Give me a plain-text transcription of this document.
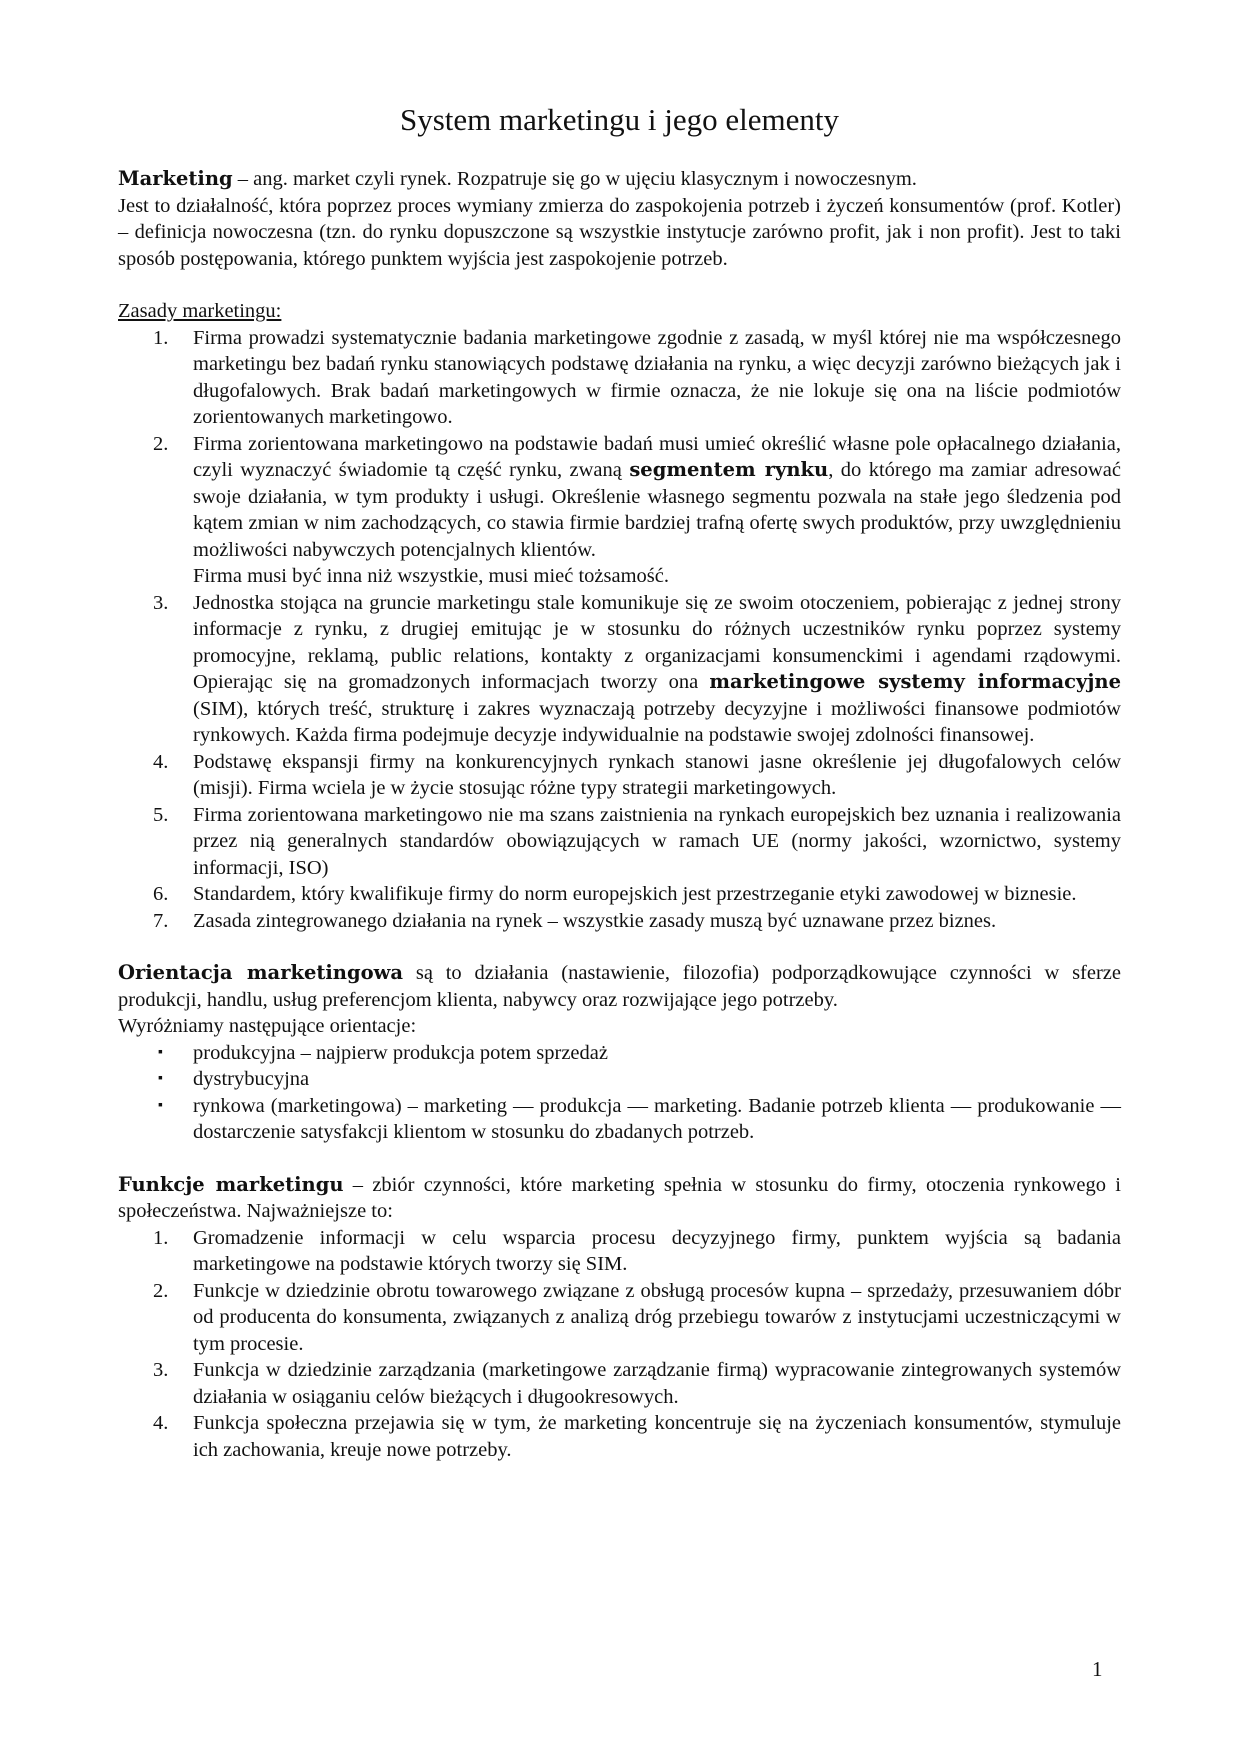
System marketingu i jego elementy

Marketing – ang. market czyli rynek. Rozpatruje się go w ujęciu klasycznym i nowoczesnym.

Jest to działalność, która poprzez proces wymiany zmierza do zaspokojenia potrzeb i życzeń konsumentów (prof. Kotler) – definicja nowoczesna (tzn. do rynku dopuszczone są wszystkie instytucje zarówno profit, jak i non profit). Jest to taki sposób postępowania, którego punktem wyjścia jest zaspokojenie potrzeb.

Zasady marketingu:

1.	Firma prowadzi systematycznie badania marketingowe zgodnie z zasadą, w myśl której nie ma współczesnego marketingu bez badań rynku stanowiących podstawę działania na rynku, a więc decyzji zarówno bieżących jak i długofalowych. Brak badań marketingowych w firmie oznacza, że nie lokuje się ona na liście podmiotów zorientowanych marketingowo.
2.	Firma zorientowana marketingowo na podstawie badań musi umieć określić własne pole opłacalnego działania, czyli wyznaczyć świadomie tą część rynku, zwaną segmentem rynku, do którego ma zamiar adresować swoje działania, w tym produkty i usługi. Określenie własnego segmentu pozwala na stałe jego śledzenia pod kątem zmian w nim zachodzących, co stawia firmie bardziej trafną ofertę swych produktów, przy uwzględnieniu możliwości nabywczych potencjalnych klientów.
Firma musi być inna niż wszystkie, musi mieć tożsamość.
3.	Jednostka stojąca na gruncie marketingu stale komunikuje się ze swoim otoczeniem, pobierając z jednej strony informacje z rynku, z drugiej emitując je w stosunku do różnych uczestników rynku poprzez systemy promocyjne, reklamą, public relations, kontakty z organizacjami konsumenckimi i agendami rządowymi. Opierając się na gromadzonych informacjach tworzy ona marketingowe systemy informacyjne (SIM), których treść, strukturę i zakres wyznaczają potrzeby decyzyjne i możliwości finansowe podmiotów rynkowych. Każda firma podejmuje decyzje indywidualnie na podstawie swojej zdolności finansowej.
4.	Podstawę ekspansji firmy na konkurencyjnych rynkach stanowi jasne określenie jej długofalowych celów (misji). Firma wciela je w życie stosując różne typy strategii marketingowych.
5.	Firma zorientowana marketingowo nie ma szans zaistnienia na rynkach europejskich bez uznania i realizowania przez nią generalnych standardów obowiązujących w ramach UE (normy jakości, wzornictwo, systemy informacji, ISO)
6.	Standardem, który kwalifikuje firmy do norm europejskich jest przestrzeganie etyki zawodowej w biznesie.
7.	Zasada zintegrowanego działania na rynek – wszystkie zasady muszą być uznawane przez biznes.

Orientacja marketingowa są to działania (nastawienie, filozofia) podporządkowujące czynności w sferze produkcji, handlu, usług preferencjom klienta, nabywcy oraz rozwijające jego potrzeby.

Wyróżniamy następujące orientacje:

▪ produkcyjna – najpierw produkcja potem sprzedaż
▪ dystrybucyjna
▪ rynkowa (marketingowa) – marketing — produkcja — marketing. Badanie potrzeb klienta — produkowanie — dostarczenie satysfakcji klientom w stosunku do zbadanych potrzeb.

Funkcje marketingu – zbiór czynności, które marketing spełnia w stosunku do firmy, otoczenia rynkowego i społeczeństwa. Najważniejsze to:

1.	Gromadzenie informacji w celu wsparcia procesu decyzyjnego firmy, punktem wyjścia są badania marketingowe na podstawie których tworzy się SIM.
2.	Funkcje w dziedzinie obrotu towarowego związane z obsługą procesów kupna – sprzedaży, przesuwaniem dóbr od producenta do konsumenta, związanych z analizą dróg przebiegu towarów z instytucjami uczestniczącymi w tym procesie.
3.	Funkcja w dziedzinie zarządzania (marketingowe zarządzanie firmą) wypracowanie zintegrowanych systemów działania w osiąganiu celów bieżących i długookresowych.
4.	Funkcja społeczna przejawia się w tym, że marketing koncentruje się na życzeniach konsumentów, stymuluje ich zachowania, kreuje nowe potrzeby.
1
